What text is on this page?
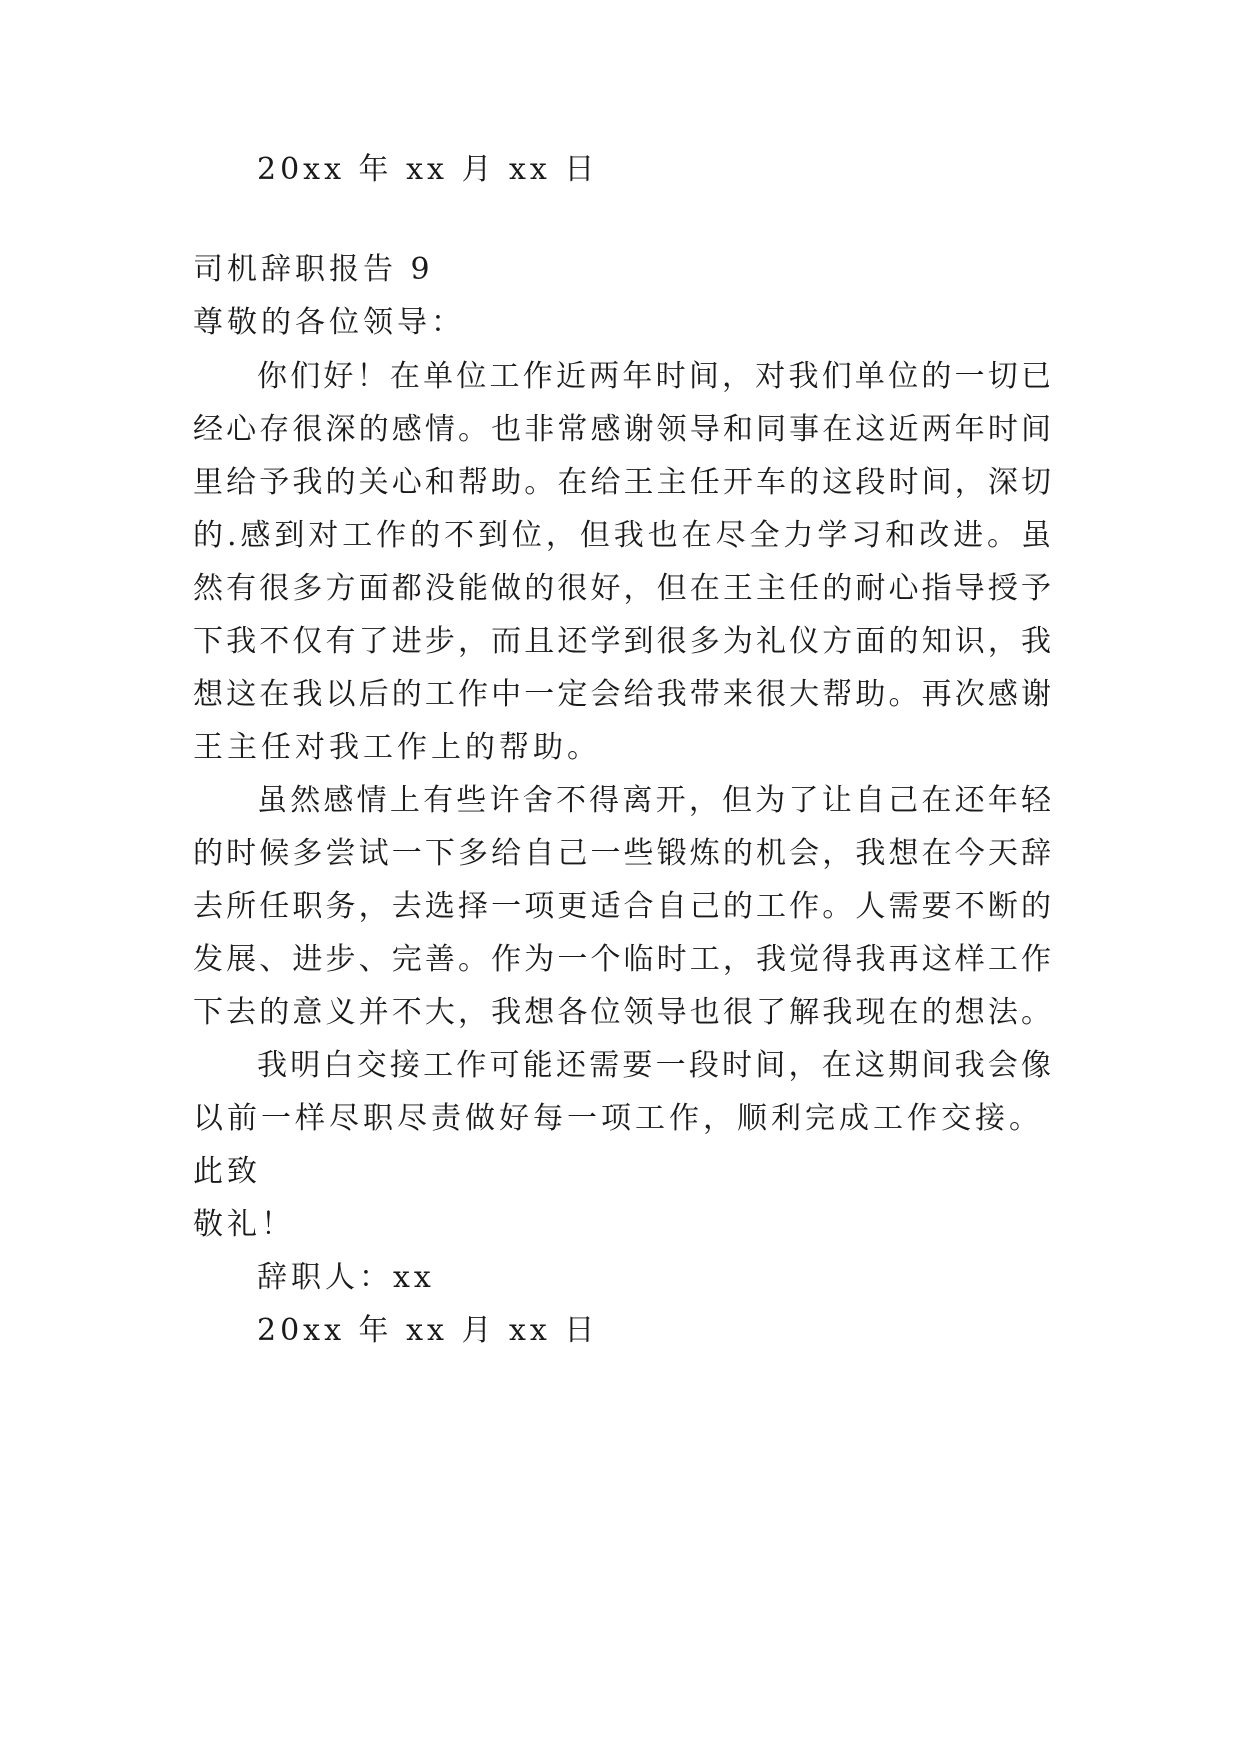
20xx 年 xx 月 xx 日
司机辞职报告 9
尊敬的各位领导：
你们好！在单位工作近两年时间，对我们单位的一切已
经心存很深的感情。也非常感谢领导和同事在这近两年时间
里给予我的关心和帮助。在给王主任开车的这段时间，深切
的.感到对工作的不到位，但我也在尽全力学习和改进。虽
然有很多方面都没能做的很好，但在王主任的耐心指导授予
下我不仅有了进步，而且还学到很多为礼仪方面的知识，我
想这在我以后的工作中一定会给我带来很大帮助。再次感谢
王主任对我工作上的帮助。
虽然感情上有些许舍不得离开，但为了让自己在还年轻
的时候多尝试一下多给自己一些锻炼的机会，我想在今天辞
去所任职务，去选择一项更适合自己的工作。人需要不断的
发展、进步、完善。作为一个临时工，我觉得我再这样工作
下去的意义并不大，我想各位领导也很了解我现在的想法。
我明白交接工作可能还需要一段时间，在这期间我会像
以前一样尽职尽责做好每一项工作，顺利完成工作交接。
此致
敬礼！
辞职人：xx
20xx 年 xx 月 xx 日
